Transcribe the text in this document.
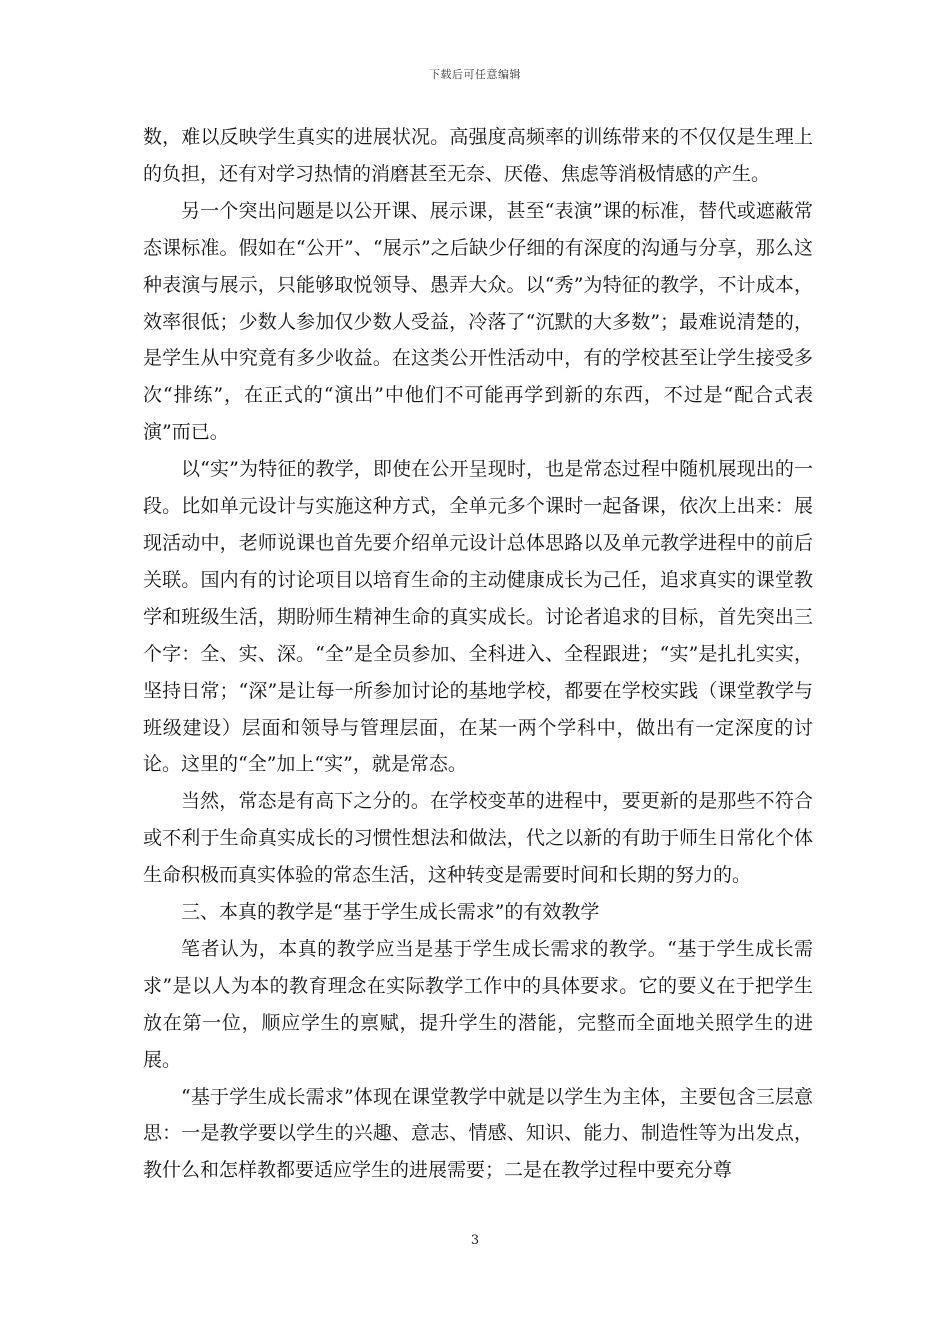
下载后可任意编辑

数，难以反映学生真实的进展状况。高强度高频率的训练带来的不仅仅是生理上的负担，还有对学习热情的消磨甚至无奈、厌倦、焦虑等消极情感的产生。

另一个突出问题是以公开课、展示课，甚至“表演”课的标准，替代或遮蔽常态课标准。假如在“公开”、“展示”之后缺少仔细的有深度的沟通与分享，那么这种表演与展示，只能够取悦领导、愚弄大众。以“秀”为特征的教学，不计成本，效率很低；少数人参加仅少数人受益，冷落了“沉默的大多数”；最难说清楚的，是学生从中究竟有多少收益。在这类公开性活动中，有的学校甚至让学生接受多次“排练”，在正式的“演出”中他们不可能再学到新的东西，不过是“配合式表演”而已。

以“实”为特征的教学，即使在公开呈现时，也是常态过程中随机展现出的一段。比如单元设计与实施这种方式，全单元多个课时一起备课，依次上出来：展现活动中，老师说课也首先要介绍单元设计总体思路以及单元教学进程中的前后关联。国内有的讨论项目以培育生命的主动健康成长为己任，追求真实的课堂教学和班级生活，期盼师生精神生命的真实成长。讨论者追求的目标，首先突出三个字：全、实、深。“全”是全员参加、全科进入、全程跟进；“实”是扎扎实实，坚持日常；“深”是让每一所参加讨论的基地学校，都要在学校实践（课堂教学与班级建设）层面和领导与管理层面，在某一两个学科中，做出有一定深度的讨论。这里的“全”加上“实”，就是常态。

当然，常态是有高下之分的。在学校变革的进程中，要更新的是那些不符合或不利于生命真实成长的习惯性想法和做法，代之以新的有助于师生日常化个体生命积极而真实体验的常态生活，这种转变是需要时间和长期的努力的。

三、本真的教学是“基于学生成长需求”的有效教学

笔者认为，本真的教学应当是基于学生成长需求的教学。“基于学生成长需求”是以人为本的教育理念在实际教学工作中的具体要求。它的要义在于把学生放在第一位，顺应学生的禀赋，提升学生的潜能，完整而全面地关照学生的进展。

“基于学生成长需求”体现在课堂教学中就是以学生为主体，主要包含三层意思：一是教学要以学生的兴趣、意志、情感、知识、能力、制造性等为出发点，教什么和怎样教都要适应学生的进展需要；二是在教学过程中要充分尊

3
